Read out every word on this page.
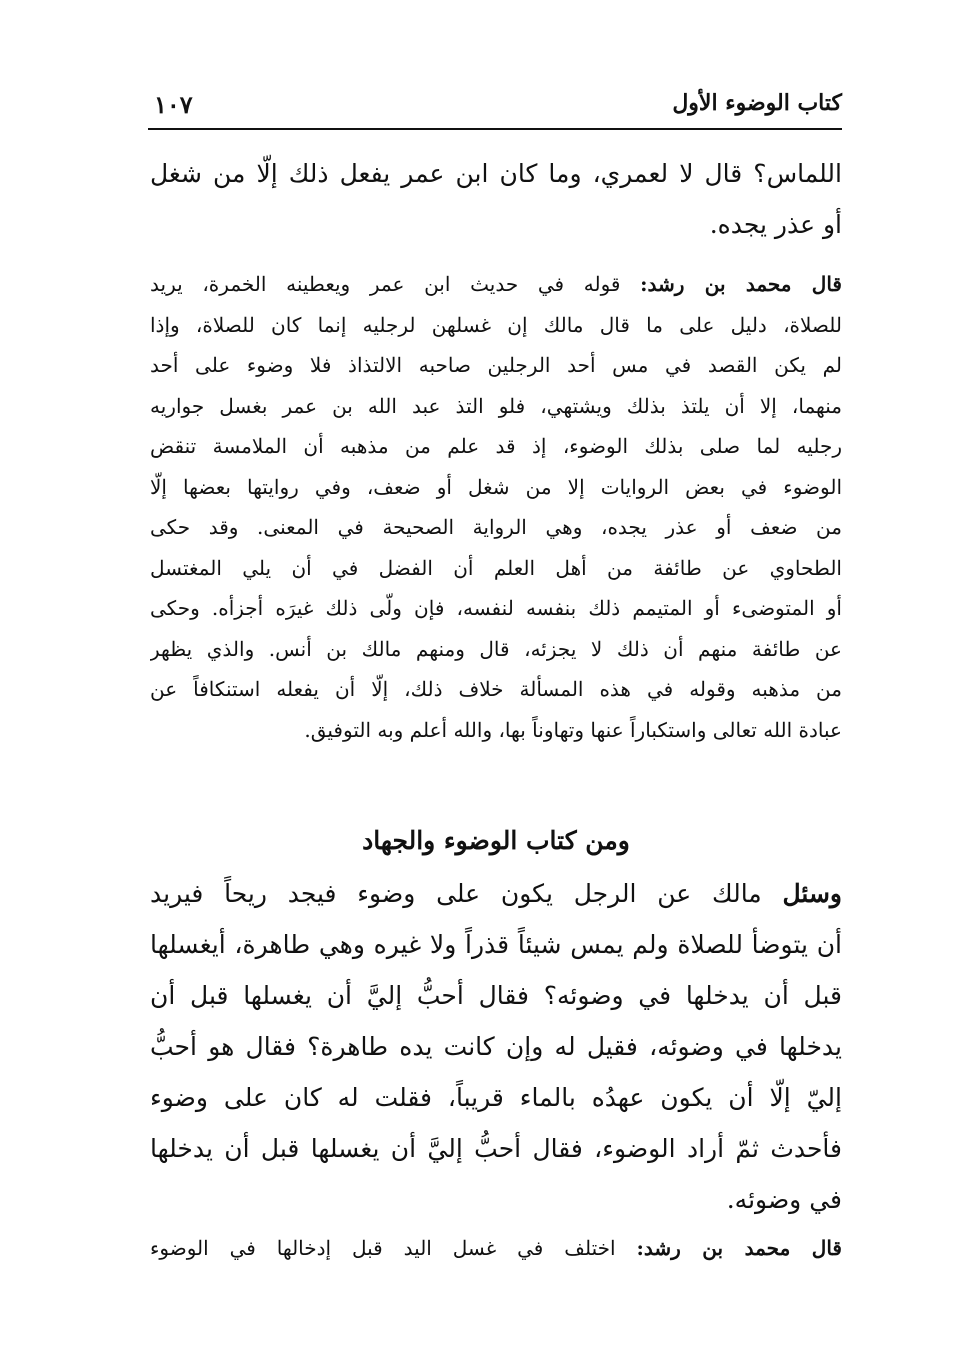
كتاب الوضوء الأول
١٠٧
اللماس؟ قال لا لعمري، وما كان ابن عمر يفعل ذلك إلّا من شغل
أو عذر يجده.
قال محمد بن رشد: قوله في حديث ابن عمر ويعطينه الخمرة، يريد
للصلاة، دليل على ما قال مالك إن غسلهن لرجليه إنما كان للصلاة، وإذا
لم يكن القصد في مس أحد الرجلين صاحبه الالتذاذ فلا وضوء على أحد
منهما، إلا أن يلتذ بذلك ويشتهي، فلو التذ عبد الله بن عمر بغسل جواريه
رجليه لما صلى بذلك الوضوء، إذ قد علم من مذهبه أن الملامسة تنقض
الوضوء في بعض الروايات إلا من شغل أو ضعف، وفي روايتها بعضها إلّا
من ضعف أو عذر يجده، وهي الرواية الصحيحة في المعنى. وقد حكى
الطحاوي عن طائفة من أهل العلم أن الفضل في أن يلي المغتسل
أو المتوضىء أو المتيمم ذلك بنفسه لنفسه، فإن ولّى ذلك غيرَه أجزأه. وحكى
عن طائفة منهم أن ذلك لا يجزئه، قال ومنهم مالك بن أنس. والذي يظهر
من مذهبه وقوله في هذه المسألة خلاف ذلك، إلّا أن يفعله استنكافاً عن
عبادة الله تعالى واستكباراً عنها وتهاوناً بها، والله أعلم وبه التوفيق.
ومن كتاب الوضوء والجهاد
وسئل مالك عن الرجل يكون على وضوء فيجد ريحاً فيريد
أن يتوضأ للصلاة ولم يمس شيئاً قذراً ولا غيره وهي طاهرة، أيغسلها
قبل أن يدخلها في وضوئه؟ فقال أحبُّ إليَّ أن يغسلها قبل أن
يدخلها في وضوئه، فقيل له وإن كانت يده طاهرة؟ فقال هو أحبُّ
إليّ إلّا أن يكون عهدُه بالماء قريباً، فقلت له كان على وضوء
فأحدث ثمّ أراد الوضوء، فقال أحبُّ إليَّ أن يغسلها قبل أن يدخلها
في وضوئه.
قال محمد بن رشد: اختلف في غسل اليد قبل إدخالها في الوضوء
